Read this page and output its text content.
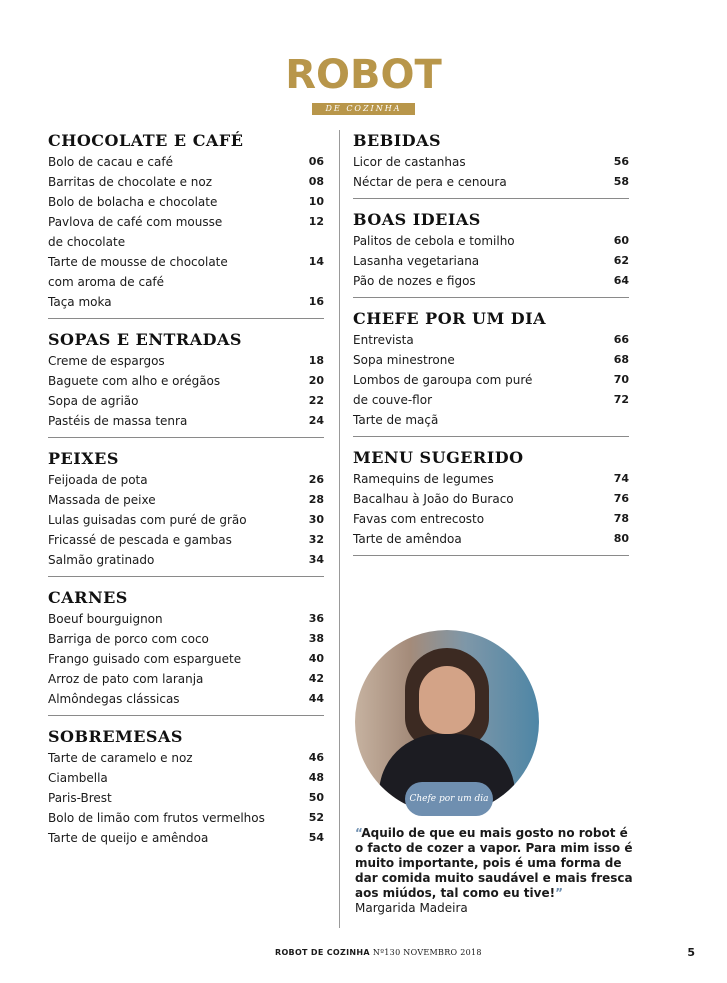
ROBOT
DE COZINHA
CHOCOLATE E CAFÉ
Bolo de cacau e café	06
Barritas de chocolate e noz	08
Bolo de bolacha e chocolate	10
Pavlova de café com mousse	12
de chocolate
Tarte de mousse de chocolate	14
com aroma de café
Taça moka	16
SOPAS E ENTRADAS
Creme de espargos	18
Baguete com alho e orégãos	20
Sopa de agrião	22
Pastéis de massa tenra	24
PEIXES
Feijoada de pota	26
Massada de peixe	28
Lulas guisadas com puré de grão	30
Fricassé de pescada e gambas	32
Salmão gratinado	34
CARNES
Boeuf bourguignon	36
Barriga de porco com coco	38
Frango guisado com esparguete	40
Arroz de pato com laranja	42
Almôndegas clássicas	44
SOBREMESAS
Tarte de caramelo e noz	46
Ciambella	48
Paris-Brest	50
Bolo de limão com frutos vermelhos	52
Tarte de queijo e amêndoa	54
BEBIDAS
Licor de castanhas	56
Néctar de pera e cenoura	58
BOAS IDEIAS
Palitos de cebola e tomilho	60
Lasanha vegetariana	62
Pão de nozes e figos	64
CHEFE POR UM DIA
Entrevista	66
Sopa minestrone	68
Lombos de garoupa com puré	70
de couve-flor	72
Tarte de maçã
MENU SUGERIDO
Ramequins de legumes	74
Bacalhau à João do Buraco	76
Favas com entrecosto	78
Tarte de amêndoa	80
Chefe por um dia
“Aquilo de que eu mais gosto no robot é o facto de cozer a vapor. Para mim isso é muito importante, pois é uma forma de dar comida muito saudável e mais fresca aos miúdos, tal como eu tive!”
Margarida Madeira
ROBOT DE COZINHA Nº130 NOVEMBRO 2018	5
